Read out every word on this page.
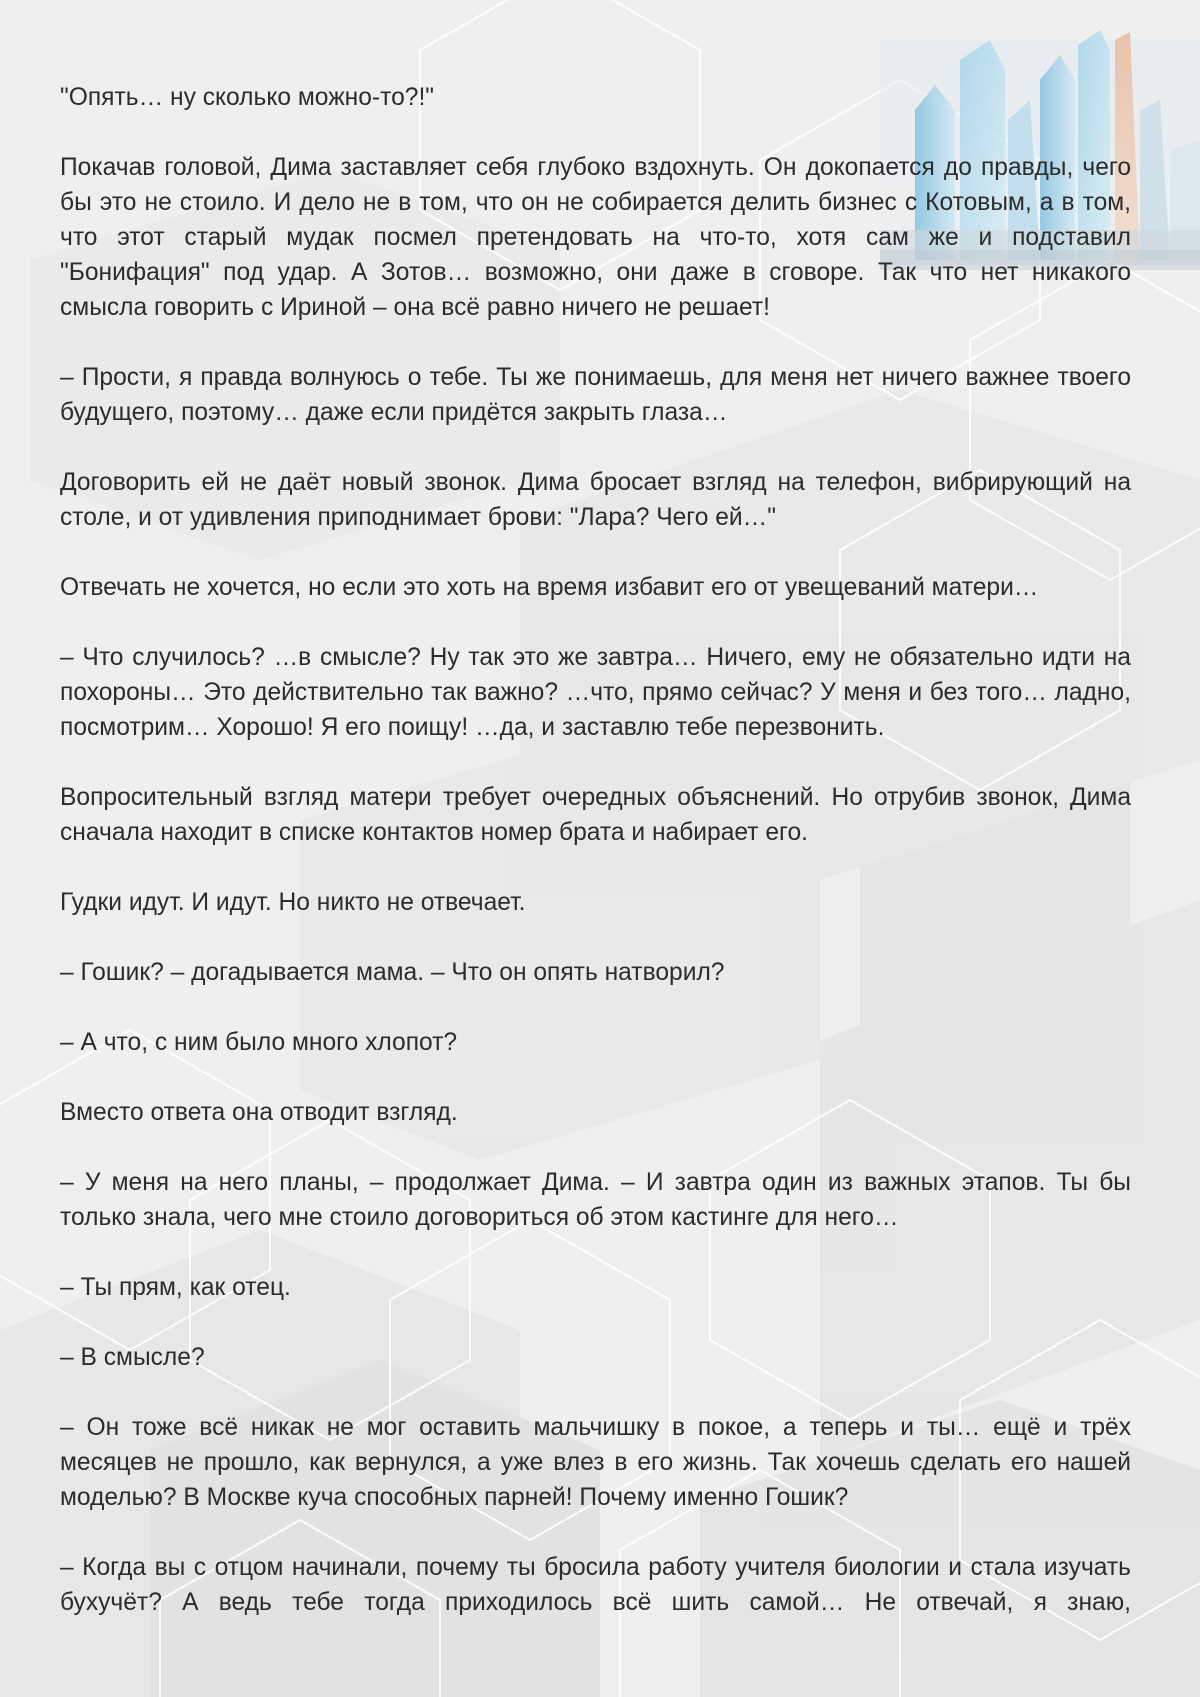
"Опять… ну сколько можно-то?!"

Покачав головой, Дима заставляет себя глубоко вздохнуть. Он докопается до правды, чего бы это не стоило. И дело не в том, что он не собирается делить бизнес с Котовым, а в том, что этот старый мудак посмел претендовать на что-то, хотя сам же и подставил "Бонифация" под удар. А Зотов… возможно, они даже в сговоре. Так что нет никакого смысла говорить с Ириной – она всё равно ничего не решает!

– Прости, я правда волнуюсь о тебе. Ты же понимаешь, для меня нет ничего важнее твоего будущего, поэтому… даже если придётся закрыть глаза…

Договорить ей не даёт новый звонок. Дима бросает взгляд на телефон, вибрирующий на столе, и от удивления приподнимает брови: "Лара? Чего ей…"

Отвечать не хочется, но если это хоть на время избавит его от увещеваний матери…

– Что случилось? …в смысле? Ну так это же завтра… Ничего, ему не обязательно идти на похороны… Это действительно так важно? …что, прямо сейчас? У меня и без того… ладно, посмотрим… Хорошо! Я его поищу! …да, и заставлю тебе перезвонить.

Вопросительный взгляд матери требует очередных объяснений. Но отрубив звонок, Дима сначала находит в списке контактов номер брата и набирает его.

Гудки идут. И идут. Но никто не отвечает.

– Гошик? – догадывается мама. – Что он опять натворил?

– А что, с ним было много хлопот?

Вместо ответа она отводит взгляд.

– У меня на него планы, – продолжает Дима. – И завтра один из важных этапов. Ты бы только знала, чего мне стоило договориться об этом кастинге для него…

– Ты прям, как отец.

– В смысле?

– Он тоже всё никак не мог оставить мальчишку в покое, а теперь и ты… ещё и трёх месяцев не прошло, как вернулся, а уже влез в его жизнь. Так хочешь сделать его нашей моделью? В Москве куча способных парней! Почему именно Гошик?

– Когда вы с отцом начинали, почему ты бросила работу учителя биологии и стала изучать бухучёт? А ведь тебе тогда приходилось всё шить самой… Не отвечай, я знаю,
